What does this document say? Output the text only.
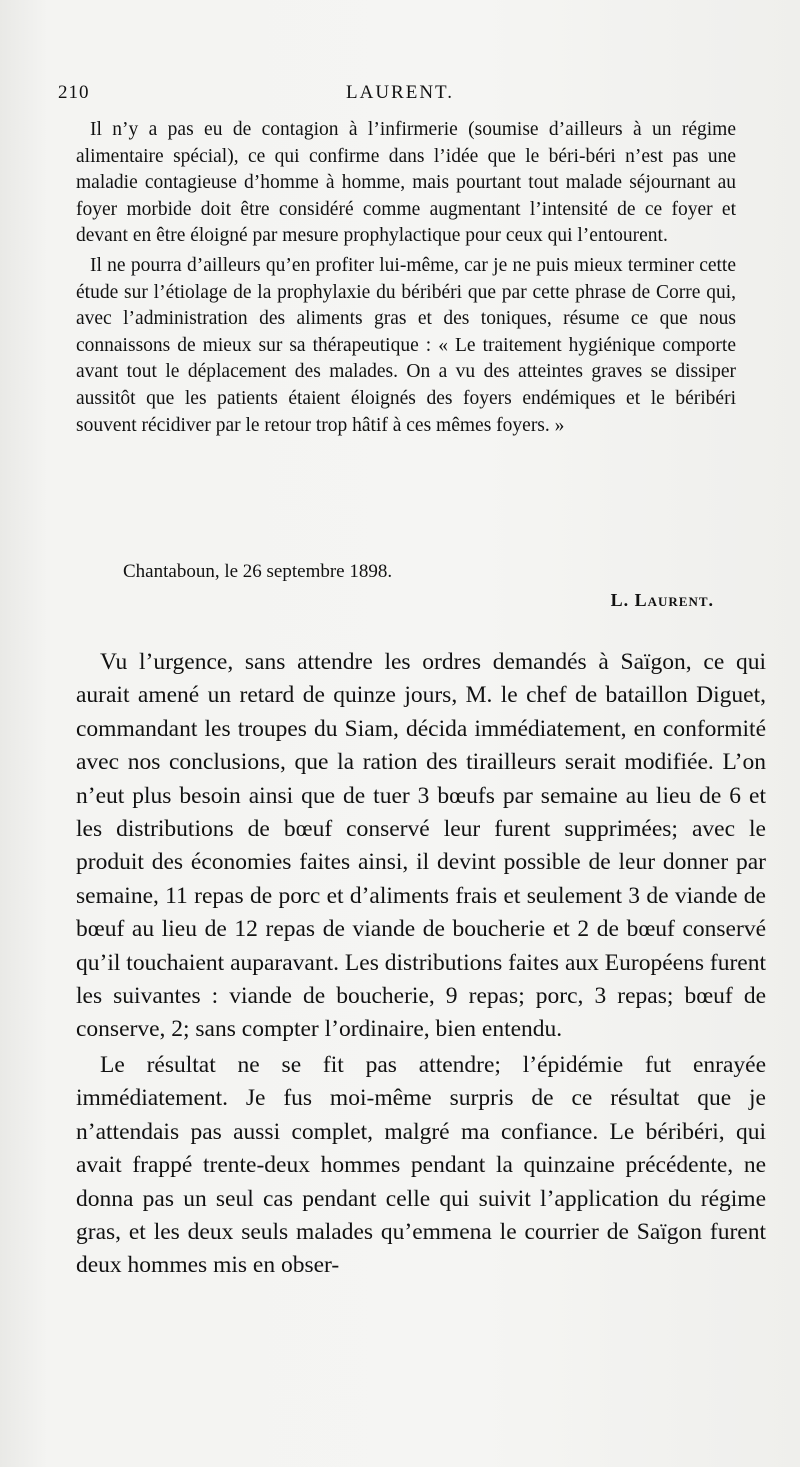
210	LAURENT.

Il n’y a pas eu de contagion à l’infirmerie (soumise d’ailleurs à un régime alimentaire spécial), ce qui confirme dans l’idée que le béri-béri n’est pas une maladie contagieuse d’homme à homme, mais pourtant tout malade séjournant au foyer morbide doit être considéré comme augmentant l’intensité de ce foyer et devant en être éloigné par mesure prophylactique pour ceux qui l’entourent.

Il ne pourra d’ailleurs qu’en profiter lui-même, car je ne puis mieux terminer cette étude sur l’étiolage de la prophylaxie du béribéri que par cette phrase de Corre qui, avec l’administration des aliments gras et des toniques, résume ce que nous connaissons de mieux sur sa thérapeutique : « Le traitement hygiénique comporte avant tout le déplacement des malades. On a vu des atteintes graves se dissiper aussitôt que les patients étaient éloignés des foyers endémiques et le béribéri souvent récidiver par le retour trop hâtif à ces mêmes foyers. »

Chantaboun, le 26 septembre 1898.
L. Laurent.

Vu l’urgence, sans attendre les ordres demandés à Saïgon, ce qui aurait amené un retard de quinze jours, M. le chef de bataillon Diguet, commandant les troupes du Siam, décida immédiatement, en conformité avec nos conclusions, que la ration des tirailleurs serait modifiée. L’on n’eut plus besoin ainsi que de tuer 3 bœufs par semaine au lieu de 6 et les distributions de bœuf conservé leur furent supprimées; avec le produit des économies faites ainsi, il devint possible de leur donner par semaine, 11 repas de porc et d’aliments frais et seulement 3 de viande de bœuf au lieu de 12 repas de viande de boucherie et 2 de bœuf conservé qu’il touchaient auparavant. Les distributions faites aux Européens furent les suivantes : viande de boucherie, 9 repas; porc, 3 repas; bœuf de conserve, 2; sans compter l’ordinaire, bien entendu.

Le résultat ne se fit pas attendre; l’épidémie fut enrayée immédiatement. Je fus moi-même surpris de ce résultat que je n’attendais pas aussi complet, malgré ma confiance. Le béribéri, qui avait frappé trente-deux hommes pendant la quinzaine précédente, ne donna pas un seul cas pendant celle qui suivit l’application du régime gras, et les deux seuls malades qu’emmena le courrier de Saïgon furent deux hommes mis en obser-
